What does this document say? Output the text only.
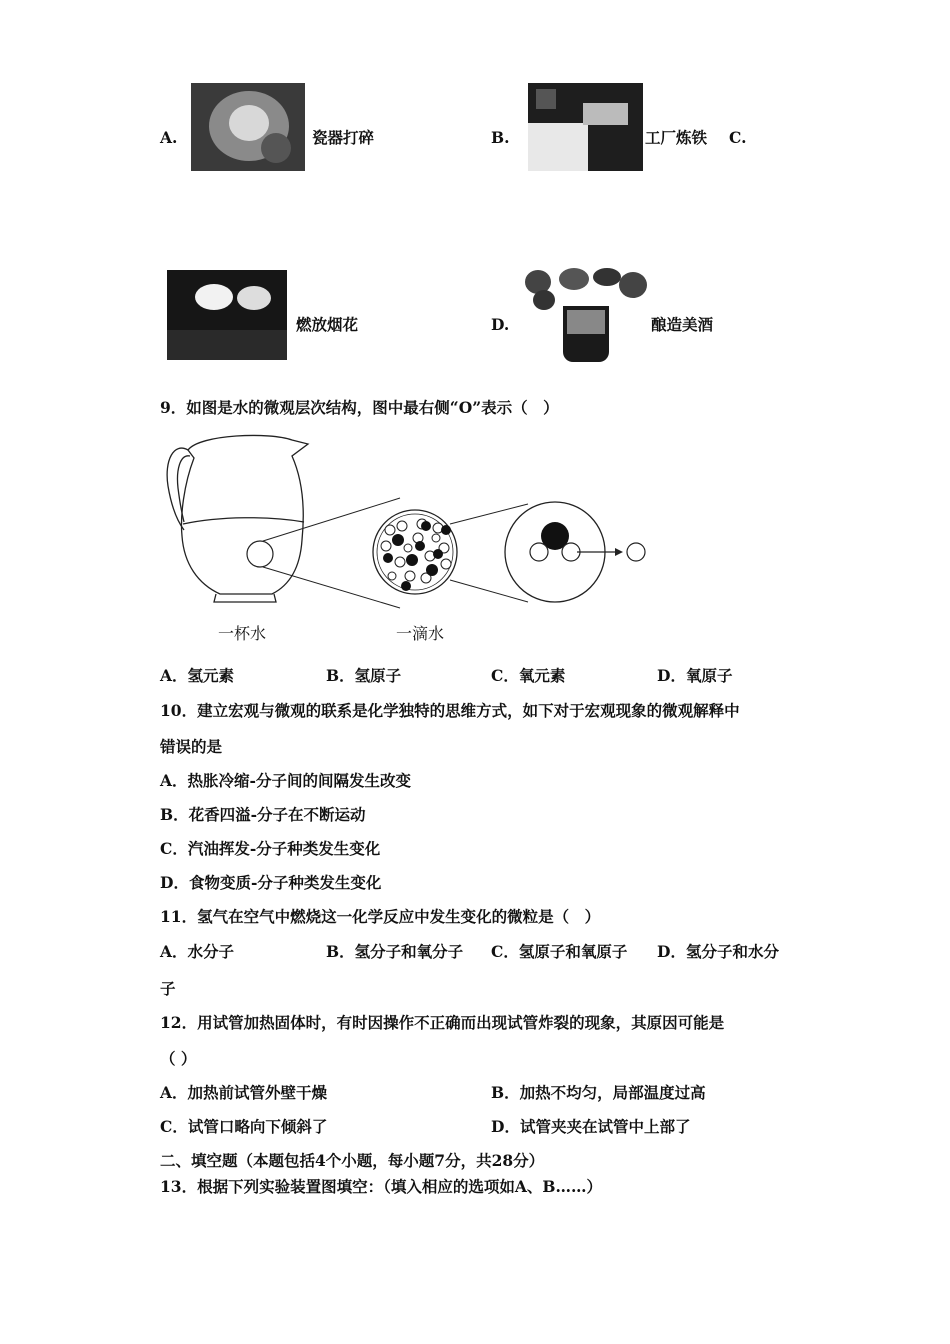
A.	瓷器打碎	B.	工厂炼铁 C.
燃放烟花	D.	酿造美酒
9．如图是水的微观层次结构，图中最右侧“O”表示（　）
一杯水	一滴水
A．氢元素	B．氢原子	C．氧元素	D．氧原子
10．建立宏观与微观的联系是化学独特的思维方式，如下对于宏观现象的微观解释中
错误的是
A．热胀冷缩-分子间的间隔发生改变
B．花香四溢-分子在不断运动
C．汽油挥发-分子种类发生变化
D．食物变质-分子种类发生变化
11．氢气在空气中燃烧这一化学反应中发生变化的微粒是（　）
A．水分子	B．氢分子和氧分子 C．氢原子和氧原子 D．氢分子和水分
子
12．用试管加热固体时，有时因操作不正确而出现试管炸裂的现象，其原因可能是
（ ）
A．加热前试管外壁干燥	B．加热不均匀，局部温度过高
C．试管口略向下倾斜了	D．试管夹夹在试管中上部了
二、填空题（本题包括4个小题，每小题7分，共28分）
13．根据下列实验装置图填空：（填入相应的选项如A、B……）
